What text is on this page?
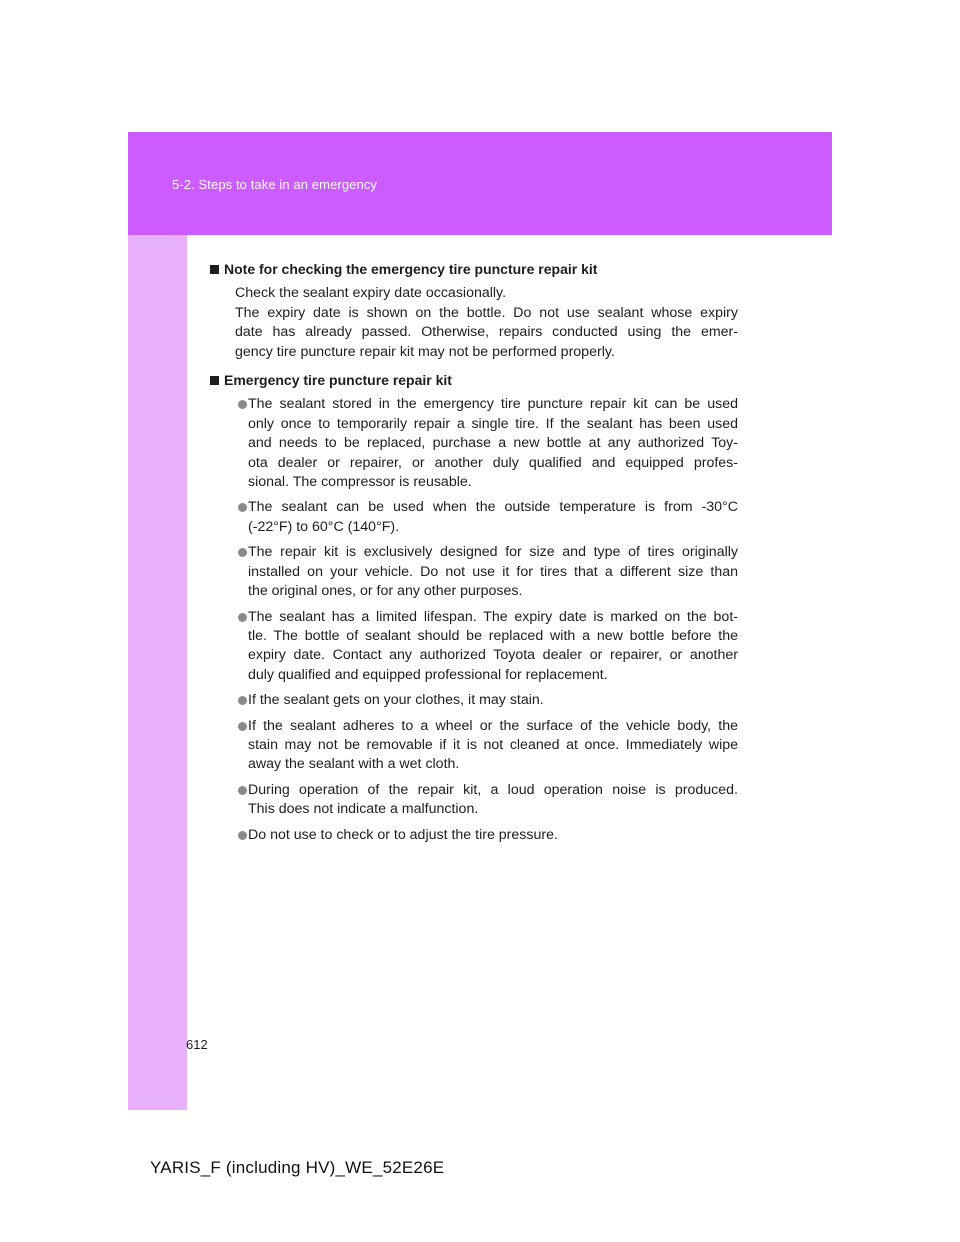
5-2. Steps to take in an emergency
612
Note for checking the emergency tire puncture repair kit
Check the sealant expiry date occasionally.
The expiry date is shown on the bottle. Do not use sealant whose expiry
date has already passed. Otherwise, repairs conducted using the emer-
gency tire puncture repair kit may not be performed properly.
Emergency tire puncture repair kit
The sealant stored in the emergency tire puncture repair kit can be used
only once to temporarily repair a single tire. If the sealant has been used
and needs to be replaced, purchase a new bottle at any authorized Toy-
ota dealer or repairer, or another duly qualified and equipped profes-
sional. The compressor is reusable.
The sealant can be used when the outside temperature is from -30°C
(-22°F) to 60°C (140°F).
The repair kit is exclusively designed for size and type of tires originally
installed on your vehicle. Do not use it for tires that a different size than
the original ones, or for any other purposes.
The sealant has a limited lifespan. The expiry date is marked on the bot-
tle. The bottle of sealant should be replaced with a new bottle before the
expiry date. Contact any authorized Toyota dealer or repairer, or another
duly qualified and equipped professional for replacement.
If the sealant gets on your clothes, it may stain.
If the sealant adheres to a wheel or the surface of the vehicle body, the
stain may not be removable if it is not cleaned at once. Immediately wipe
away the sealant with a wet cloth.
During operation of the repair kit, a loud operation noise is produced.
This does not indicate a malfunction.
Do not use to check or to adjust the tire pressure.
YARIS_F (including HV)_WE_52E26E
